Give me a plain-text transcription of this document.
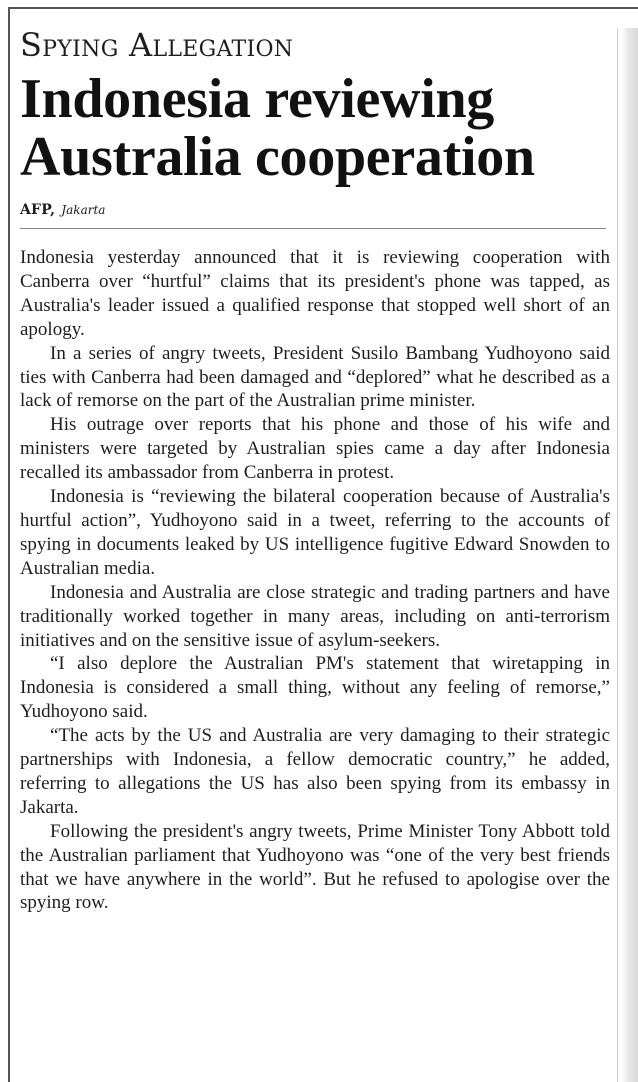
Spying Allegation
Indonesia reviewing Australia cooperation
AFP, Jakarta

Indonesia yesterday announced that it is reviewing cooperation with Canberra over “hurtful” claims that its president's phone was tapped, as Australia's leader issued a qualified response that stopped well short of an apology.

In a series of angry tweets, President Susilo Bambang Yudhoyono said ties with Canberra had been damaged and “deplored” what he described as a lack of remorse on the part of the Australian prime minister.

His outrage over reports that his phone and those of his wife and ministers were targeted by Australian spies came a day after Indonesia recalled its ambassador from Canberra in protest.

Indonesia is “reviewing the bilateral cooperation because of Australia's hurtful action”, Yudhoyono said in a tweet, referring to the accounts of spying in documents leaked by US intelligence fugitive Edward Snowden to Australian media.

Indonesia and Australia are close strategic and trading partners and have traditionally worked together in many areas, including on anti-terrorism initiatives and on the sensitive issue of asylum-seekers.

“I also deplore the Australian PM's statement that wiretapping in Indonesia is considered a small thing, without any feeling of remorse,” Yudhoyono said.

“The acts by the US and Australia are very damaging to their strategic partnerships with Indonesia, a fellow democratic country,” he added, referring to allegations the US has also been spying from its embassy in Jakarta.

Following the president's angry tweets, Prime Minister Tony Abbott told the Australian parliament that Yudhoyono was “one of the very best friends that we have anywhere in the world”. But he refused to apologise over the spying row.
